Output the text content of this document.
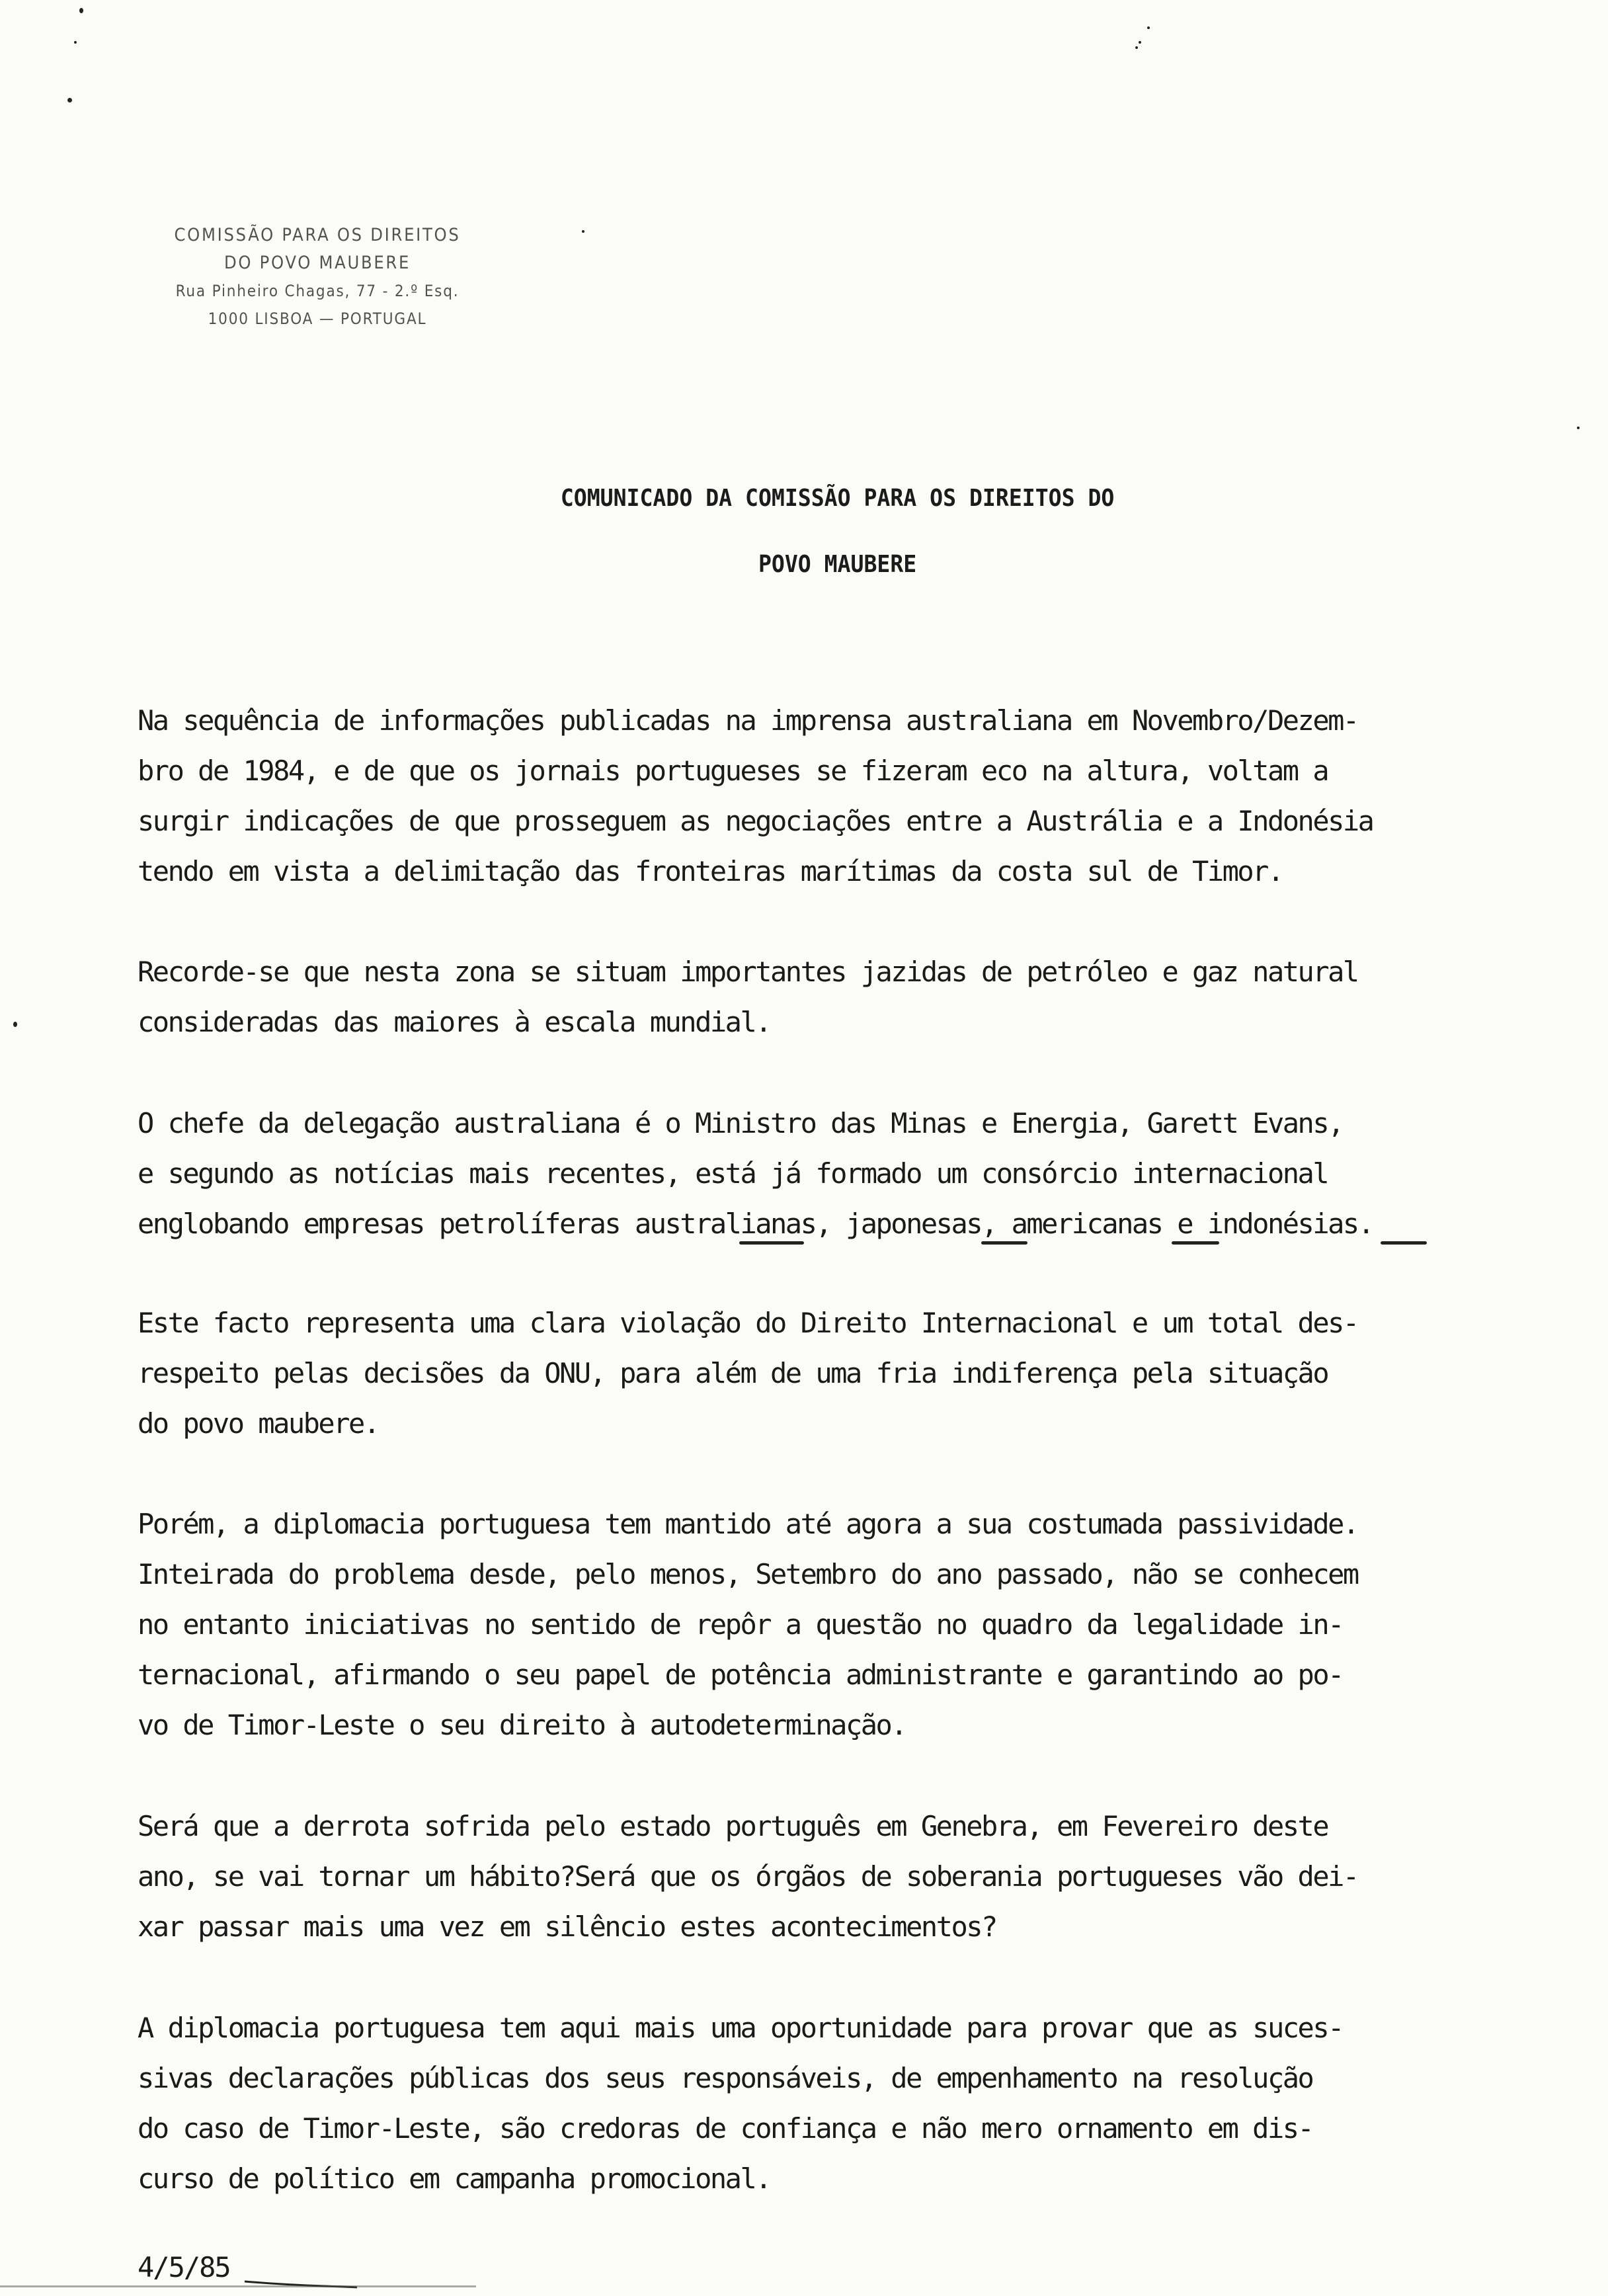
COMISSÃO PARA OS DIREITOS
DO POVO MAUBERE
Rua Pinheiro Chagas, 77 - 2.º Esq.
1000 LISBOA — PORTUGAL
COMUNICADO DA COMISSÃO PARA OS DIREITOS DO
POVO MAUBERE
Na sequência de informações publicadas na imprensa australiana em Novembro/Dezem-
bro de 1984, e de que os jornais portugueses se fizeram eco na altura, voltam a
surgir indicações de que prosseguem as negociações entre a Austrália e a Indonésia
tendo em vista a delimitação das fronteiras marítimas da costa sul de Timor.
Recorde-se que nesta zona se situam importantes jazidas de petróleo e gaz natural
consideradas das maiores à escala mundial.
O chefe da delegação australiana é o Ministro das Minas e Energia, Garett Evans,
e segundo as notícias mais recentes, está já formado um consórcio internacional
englobando empresas petrolíferas australianas, japonesas, americanas e indonésias.
Este facto representa uma clara violação do Direito Internacional e um total des-
respeito pelas decisões da ONU, para além de uma fria indiferença pela situação
do povo maubere.
Porém, a diplomacia portuguesa tem mantido até agora a sua costumada passividade.
Inteirada do problema desde, pelo menos, Setembro do ano passado, não se conhecem
no entanto iniciativas no sentido de repôr a questão no quadro da legalidade in-
ternacional, afirmando o seu papel de potência administrante e garantindo ao po-
vo de Timor-Leste o seu direito à autodeterminação.
Será que a derrota sofrida pelo estado português em Genebra, em Fevereiro deste
ano, se vai tornar um hábito?Será que os órgãos de soberania portugueses vão dei-
xar passar mais uma vez em silêncio estes acontecimentos?
A diplomacia portuguesa tem aqui mais uma oportunidade para provar que as suces-
sivas declarações públicas dos seus responsáveis, de empenhamento na resolução
do caso de Timor-Leste, são credoras de confiança e não mero ornamento em dis-
curso de político em campanha promocional.
4/5/85
